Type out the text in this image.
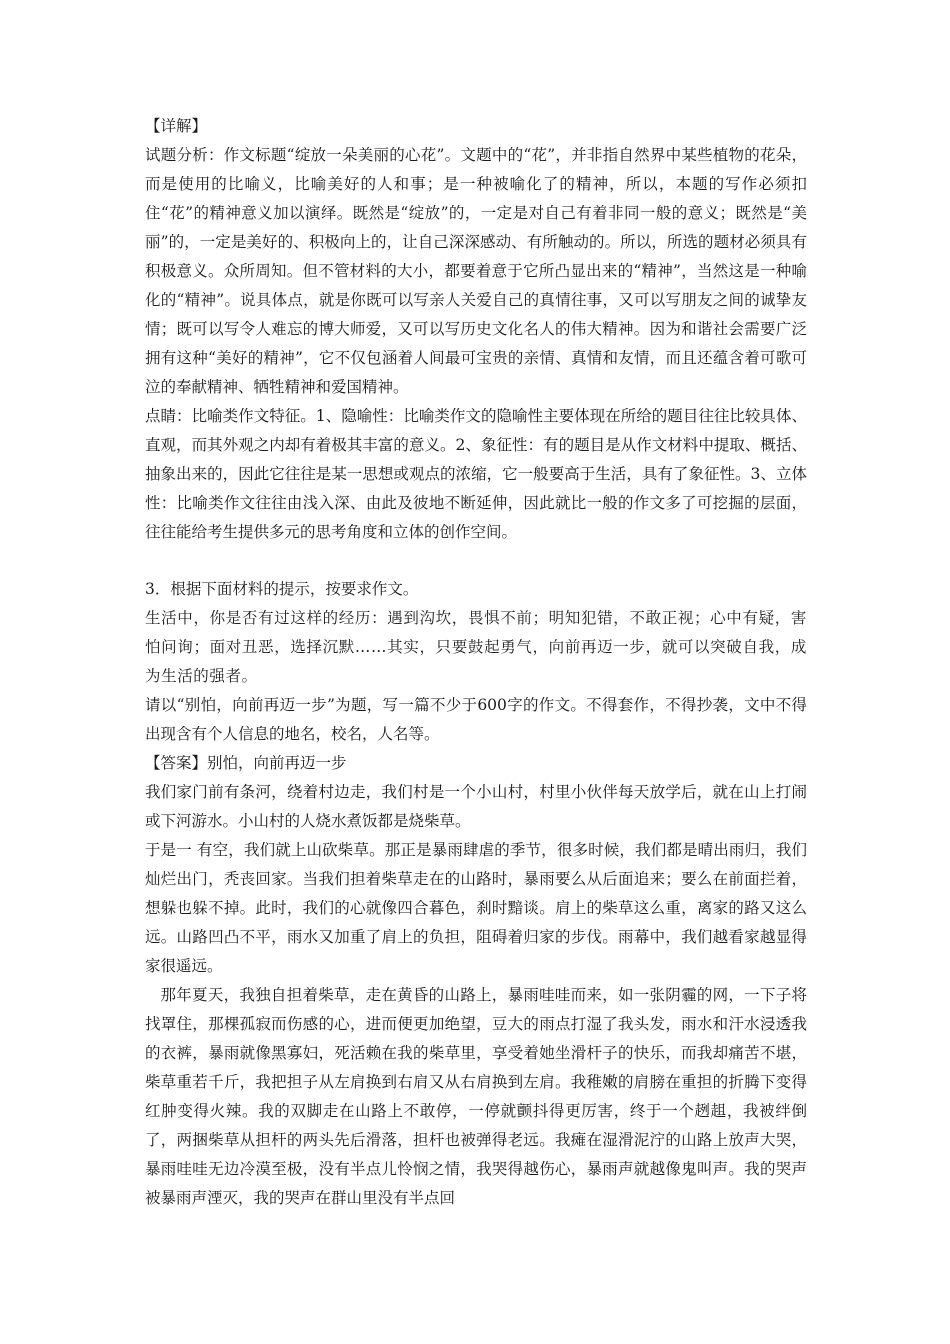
【详解】

试题分析：作文标题“绽放一朵美丽的心花”。文题中的“花”，并非指自然界中某些植物的花朵，而是使用的比喻义，比喻美好的人和事；是一种被喻化了的精神，所以，本题的写作必须扣住“花”的精神意义加以演绎。既然是“绽放”的，一定是对自己有着非同一般的意义；既然是“美丽”的，一定是美好的、积极向上的，让自己深深感动、有所触动的。所以，所选的题材必须具有积极意义。众所周知。但不管材料的大小，都要着意于它所凸显出来的“精神”，当然这是一种喻化的“精神”。说具体点，就是你既可以写亲人关爱自己的真情往事，又可以写朋友之间的诚挚友情；既可以写令人难忘的博大师爱，又可以写历史文化名人的伟大精神。因为和谐社会需要广泛拥有这种“美好的精神”，它不仅包涵着人间最可宝贵的亲情、真情和友情，而且还蕴含着可歌可泣的奉献精神、牺牲精神和爱国精神。

点睛：比喻类作文特征。1、隐喻性：比喻类作文的隐喻性主要体现在所给的题目往往比较具体、直观，而其外观之内却有着极其丰富的意义。2、象征性：有的题目是从作文材料中提取、概括、抽象出来的，因此它往往是某一思想或观点的浓缩，它一般要高于生活，具有了象征性。3、立体性：比喻类作文往往由浅入深、由此及彼地不断延伸，因此就比一般的作文多了可挖掘的层面，往往能给考生提供多元的思考角度和立体的创作空间。

3．根据下面材料的提示，按要求作文。

生活中，你是否有过这样的经历：遇到沟坎，畏惧不前；明知犯错，不敢正视；心中有疑，害怕问询；面对丑恶，选择沉默……其实，只要鼓起勇气，向前再迈一步，就可以突破自我，成为生活的强者。

请以“别怕，向前再迈一步”为题，写一篇不少于600字的作文。不得套作，不得抄袭，文中不得出现含有个人信息的地名，校名，人名等。

【答案】别怕，向前再迈一步

我们家门前有条河，绕着村边走，我们村是一个小山村，村里小伙伴每天放学后，就在山上打闹或下河游水。小山村的人烧水煮饭都是烧柴草。

于是一 有空，我们就上山砍柴草。那正是暴雨肆虐的季节，很多时候，我们都是晴出雨归，我们灿烂出门，秃丧回家。当我们担着柴草走在的山路时，暴雨要么从后面追来；要么在前面拦着，想躲也躲不掉。此时，我们的心就像四合暮色，刹时黯谈。肩上的柴草这么重，离家的路又这么远。山路凹凸不平，雨水又加重了肩上的负担，阻碍着归家的步伐。雨幕中，我们越看家越显得家很遥远。

那年夏天，我独自担着柴草，走在黄昏的山路上，暴雨哇哇而来，如一张阴霾的网，一下子将找罩住，那棵孤寂而伤感的心，进而便更加绝望，豆大的雨点打湿了我头发，雨水和汗水浸透我的衣裤，暴雨就像黑寡妇，死活赖在我的柴草里，享受着她坐滑杆子的快乐，而我却痛苦不堪，柴草重若千斤，我把担子从左肩换到右肩又从右肩换到左肩。我稚嫩的肩膀在重担的折腾下变得红肿变得火辣。我的双脚走在山路上不敢停，一停就颤抖得更厉害，终于一个趔趄，我被绊倒了，两捆柴草从担杆的两头先后滑落，担杆也被弹得老远。我瘫在湿滑泥泞的山路上放声大哭，暴雨哇哇无边冷漠至极，没有半点儿怜悯之情，我哭得越伤心，暴雨声就越像鬼叫声。我的哭声被暴雨声湮灭，我的哭声在群山里没有半点回
